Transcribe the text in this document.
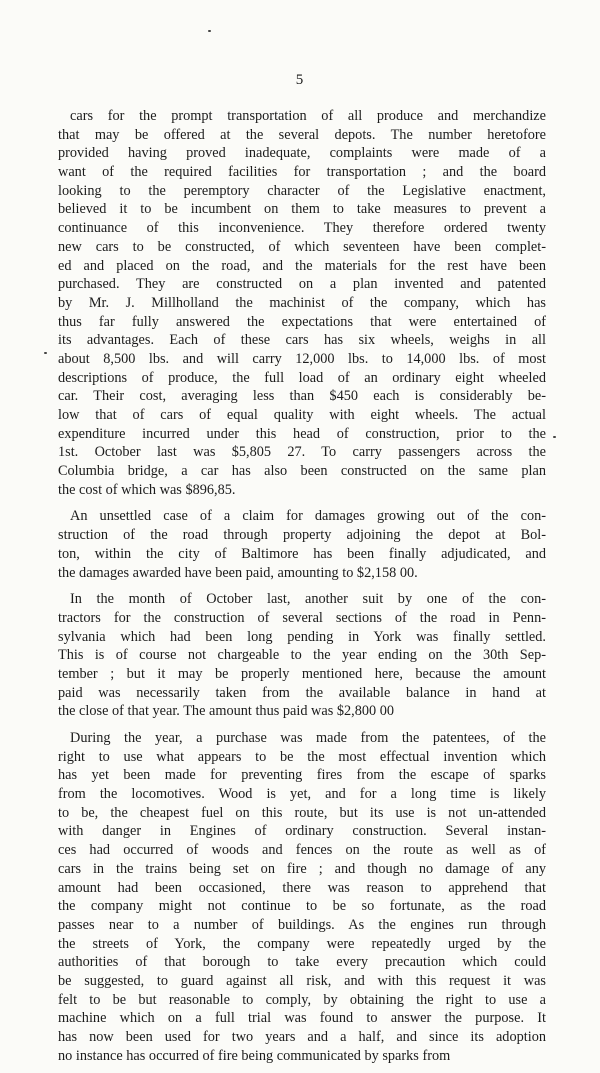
5
cars for the prompt transportation of all produce and merchandize
that may be offered at the several depots. The number heretofore
provided having proved inadequate, complaints were made of a
want of the required facilities for transportation ; and the board
looking to the peremptory character of the Legislative enactment,
believed it to be incumbent on them to take measures to prevent a
continuance of this inconvenience. They therefore ordered twenty
new cars to be constructed, of which seventeen have been complet-
ed and placed on the road, and the materials for the rest have been
purchased. They are constructed on a plan invented and patented
by Mr. J. Millholland the machinist of the company, which has
thus far fully answered the expectations that were entertained of
its advantages. Each of these cars has six wheels, weighs in all
about 8,500 lbs. and will carry 12,000 lbs. to 14,000 lbs. of most
descriptions of produce, the full load of an ordinary eight wheeled
car. Their cost, averaging less than $450 each is considerably be-
low that of cars of equal quality with eight wheels. The actual
expenditure incurred under this head of construction, prior to the
1st. October last was $5,805 27. To carry passengers across the
Columbia bridge, a car has also been constructed on the same plan
the cost of which was $896,85.
An unsettled case of a claim for damages growing out of the con-
struction of the road through property adjoining the depot at Bol-
ton, within the city of Baltimore has been finally adjudicated, and
the damages awarded have been paid, amounting to $2,158 00.
In the month of October last, another suit by one of the con-
tractors for the construction of several sections of the road in Penn-
sylvania which had been long pending in York was finally settled.
This is of course not chargeable to the year ending on the 30th Sep-
tember ; but it may be properly mentioned here, because the amount
paid was necessarily taken from the available balance in hand at
the close of that year. The amount thus paid was $2,800 00
During the year, a purchase was made from the patentees, of the
right to use what appears to be the most effectual invention which
has yet been made for preventing fires from the escape of sparks
from the locomotives. Wood is yet, and for a long time is likely
to be, the cheapest fuel on this route, but its use is not un-attended
with danger in Engines of ordinary construction. Several instan-
ces had occurred of woods and fences on the route as well as of
cars in the trains being set on fire ; and though no damage of any
amount had been occasioned, there was reason to apprehend that
the company might not continue to be so fortunate, as the road
passes near to a number of buildings. As the engines run through
the streets of York, the company were repeatedly urged by the
authorities of that borough to take every precaution which could
be suggested, to guard against all risk, and with this request it was
felt to be but reasonable to comply, by obtaining the right to use a
machine which on a full trial was found to answer the purpose. It
has now been used for two years and a half, and since its adoption
no instance has occurred of fire being communicated by sparks from
